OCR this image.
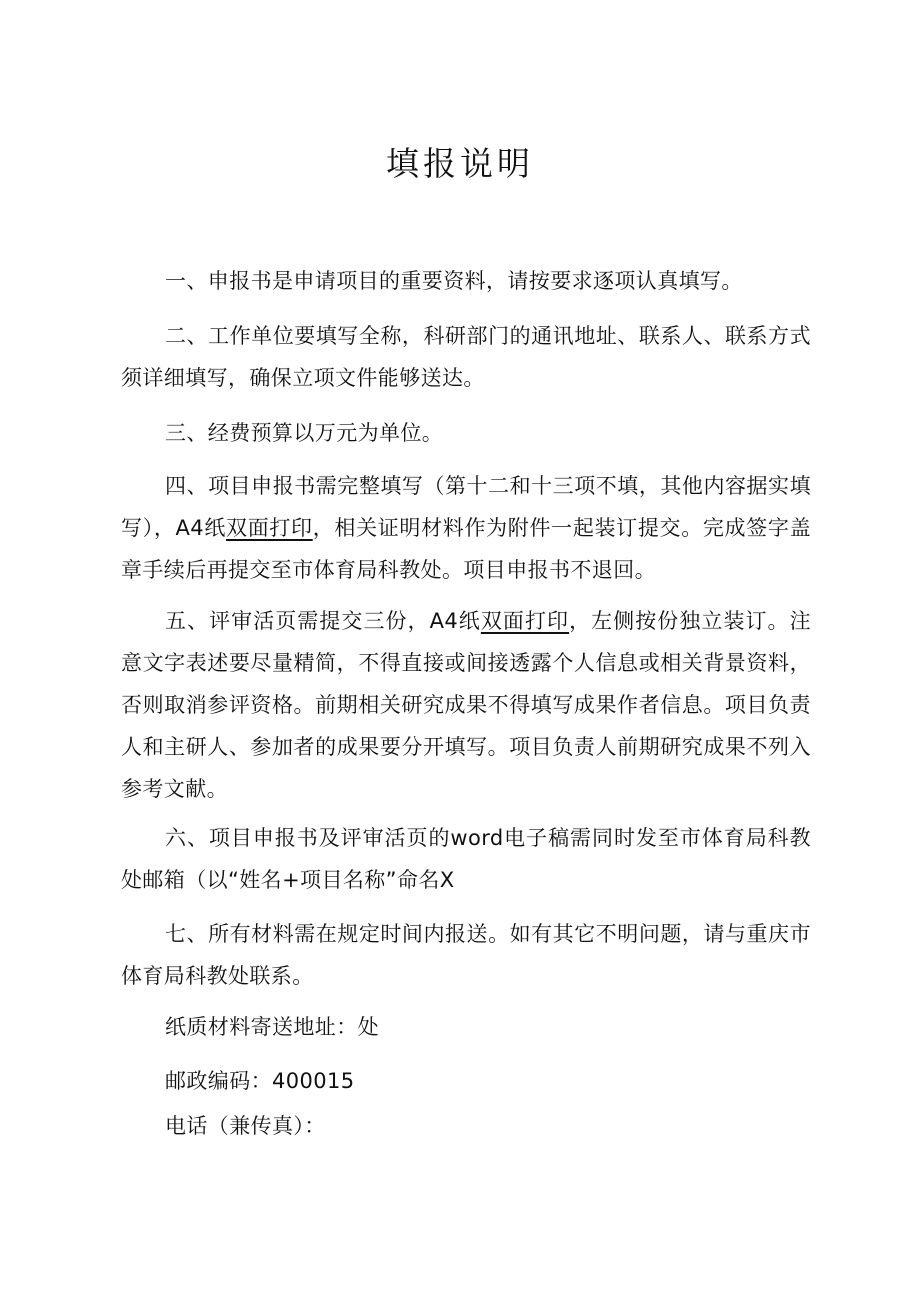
填报说明
一、申报书是申请项目的重要资料，请按要求逐项认真填写。
二、工作单位要填写全称，科研部门的通讯地址、联系人、联系方式须详细填写，确保立项文件能够送达。
三、经费预算以万元为单位。
四、项目申报书需完整填写（第十二和十三项不填，其他内容据实填写），A4纸双面打印，相关证明材料作为附件一起装订提交。完成签字盖章手续后再提交至市体育局科教处。项目申报书不退回。
五、评审活页需提交三份，A4纸双面打印，左侧按份独立装订。注意文字表述要尽量精简，不得直接或间接透露个人信息或相关背景资料，否则取消参评资格。前期相关研究成果不得填写成果作者信息。项目负责人和主研人、参加者的成果要分开填写。项目负责人前期研究成果不列入参考文献。
六、项目申报书及评审活页的word电子稿需同时发至市体育局科教处邮箱（以“姓名+项目名称”命名X
七、所有材料需在规定时间内报送。如有其它不明问题，请与重庆市体育局科教处联系。
纸质材料寄送地址：处
邮政编码：400015
电话（兼传真）：
